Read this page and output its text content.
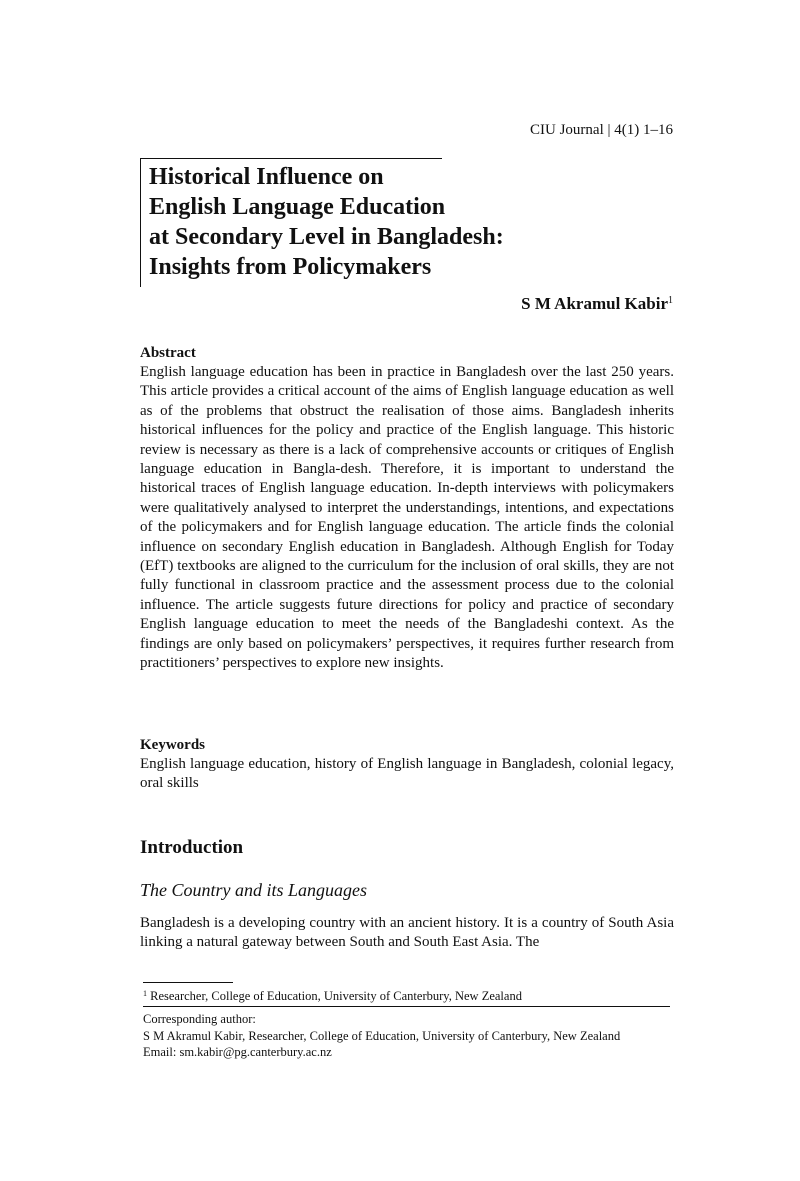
CIU Journal | 4(1) 1–16
Historical Influence on
English Language Education
at Secondary Level in Bangladesh:
Insights from Policymakers
S M Akramul Kabir$^1$
Abstract
English language education has been in practice in Bangladesh over the last 250 years. This article provides a critical account of the aims of English language education as well as of the problems that obstruct the realisation of those aims. Bangladesh inherits historical influences for the policy and practice of the English language. This historic review is necessary as there is a lack of comprehensive accounts or critiques of English language education in Bangla-desh. Therefore, it is important to understand the historical traces of English language education. In-depth interviews with policymakers were qualitatively analysed to interpret the understandings, intentions, and expectations of the policymakers and for English language education. The article finds the colonial influence on secondary English education in Bangladesh. Although English for Today (EfT) textbooks are aligned to the curriculum for the inclusion of oral skills, they are not fully functional in classroom practice and the assessment process due to the colonial influence. The article suggests future directions for policy and practice of secondary English language education to meet the needs of the Bangladeshi context. As the findings are only based on policymakers’ perspectives, it requires further research from practitioners’ perspectives to explore new insights.
Keywords
English language education, history of English language in Bangladesh, colonial legacy, oral skills
Introduction
The Country and its Languages
Bangladesh is a developing country with an ancient history. It is a country of South Asia linking a natural gateway between South and South East Asia. The
$^1$ Researcher, College of Education, University of Canterbury, New Zealand
Corresponding author:
S M Akramul Kabir, Researcher, College of Education, University of Canterbury, New Zealand
Email: sm.kabir@pg.canterbury.ac.nz
